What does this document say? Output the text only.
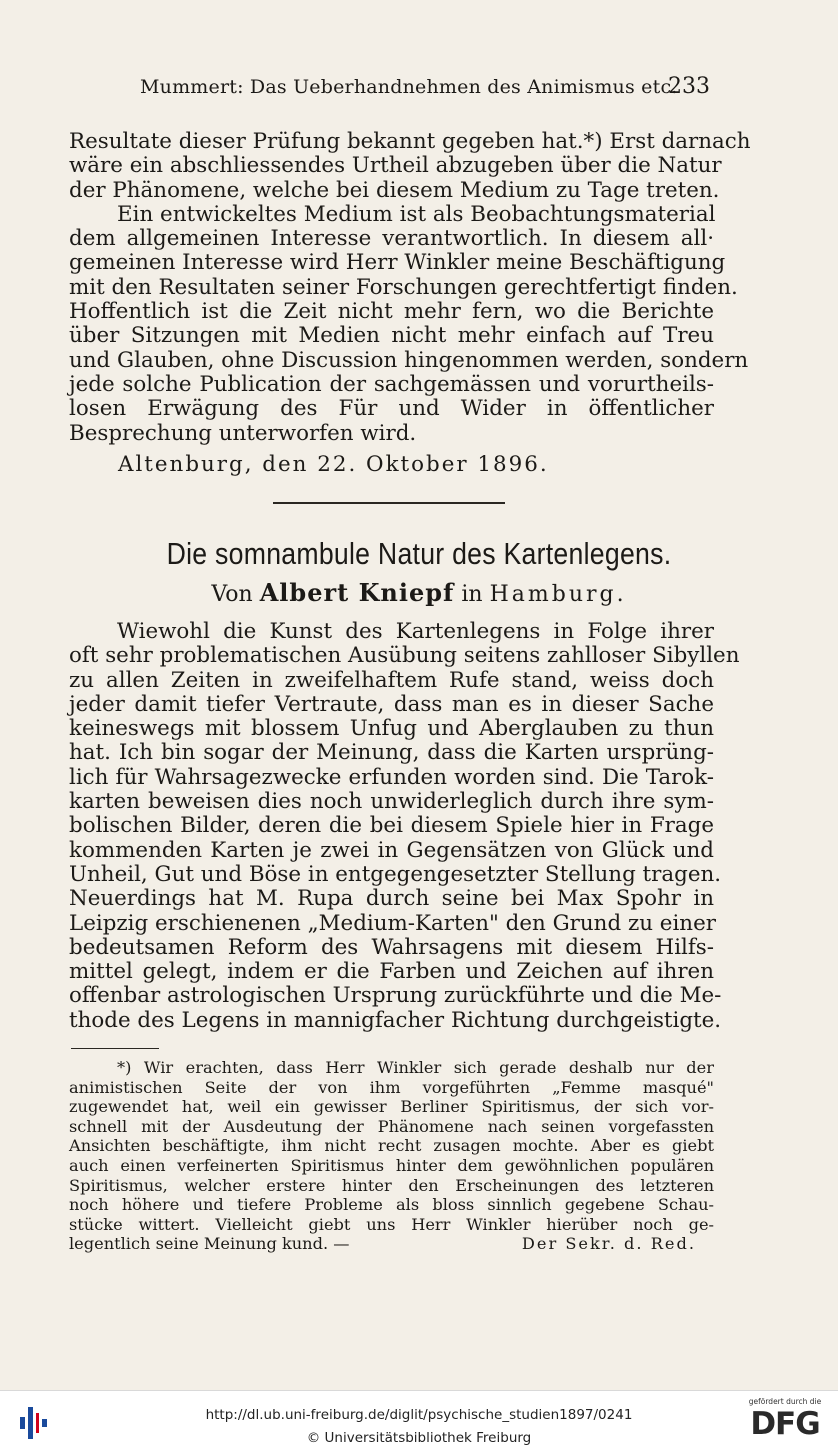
Mummert: Das Ueberhandnehmen des Animismus etc.
233
Resultate dieser Prüfung bekannt gegeben hat.*) Erst darnach
wäre ein abschliessendes Urtheil abzugeben über die Natur
der Phänomene, welche bei diesem Medium zu Tage treten.
Ein entwickeltes Medium ist als Beobachtungsmaterial
dem allgemeinen Interesse verantwortlich. In diesem all·
gemeinen Interesse wird Herr Winkler meine Beschäftigung
mit den Resultaten seiner Forschungen gerechtfertigt finden.
Hoffentlich ist die Zeit nicht mehr fern, wo die Berichte
über Sitzungen mit Medien nicht mehr einfach auf Treu
und Glauben, ohne Discussion hingenommen werden, sondern
jede solche Publication der sachgemässen und vorurtheils-
losen Erwägung des Für und Wider in öffentlicher
Besprechung unterworfen wird.
Altenburg, den 22. Oktober 1896.
Die somnambule Natur des Kartenlegens.
Von Albert Kniepf in Hamburg.
Wiewohl die Kunst des Kartenlegens in Folge ihrer
oft sehr problematischen Ausübung seitens zahlloser Sibyllen
zu allen Zeiten in zweifelhaftem Rufe stand, weiss doch
jeder damit tiefer Vertraute, dass man es in dieser Sache
keineswegs mit blossem Unfug und Aberglauben zu thun
hat. Ich bin sogar der Meinung, dass die Karten ursprüng-
lich für Wahrsagezwecke erfunden worden sind. Die Tarok-
karten beweisen dies noch unwiderleglich durch ihre sym-
bolischen Bilder, deren die bei diesem Spiele hier in Frage
kommenden Karten je zwei in Gegensätzen von Glück und
Unheil, Gut und Böse in entgegengesetzter Stellung tragen.
Neuerdings hat M. Rupa durch seine bei Max Spohr in
Leipzig erschienenen „Medium-Karten" den Grund zu einer
bedeutsamen Reform des Wahrsagens mit diesem Hilfs-
mittel gelegt, indem er die Farben und Zeichen auf ihren
offenbar astrologischen Ursprung zurückführte und die Me-
thode des Legens in mannigfacher Richtung durchgeistigte.
*) Wir erachten, dass Herr Winkler sich gerade deshalb nur der
animistischen Seite der von ihm vorgeführten „Femme masqué"
zugewendet hat, weil ein gewisser Berliner Spiritismus, der sich vor-
schnell mit der Ausdeutung der Phänomene nach seinen vorgefassten
Ansichten beschäftigte, ihm nicht recht zusagen mochte. Aber es giebt
auch einen verfeinerten Spiritismus hinter dem gewöhnlichen populären
Spiritismus, welcher erstere hinter den Erscheinungen des letzteren
noch höhere und tiefere Probleme als bloss sinnlich gegebene Schau-
stücke wittert. Vielleicht giebt uns Herr Winkler hierüber noch ge-
legentlich seine Meinung kund. —	Der Sekr. d. Red.
http://dl.ub.uni-freiburg.de/diglit/psychische_studien1897/0241
© Universitätsbibliothek Freiburg
gefördert durch die
DFG
